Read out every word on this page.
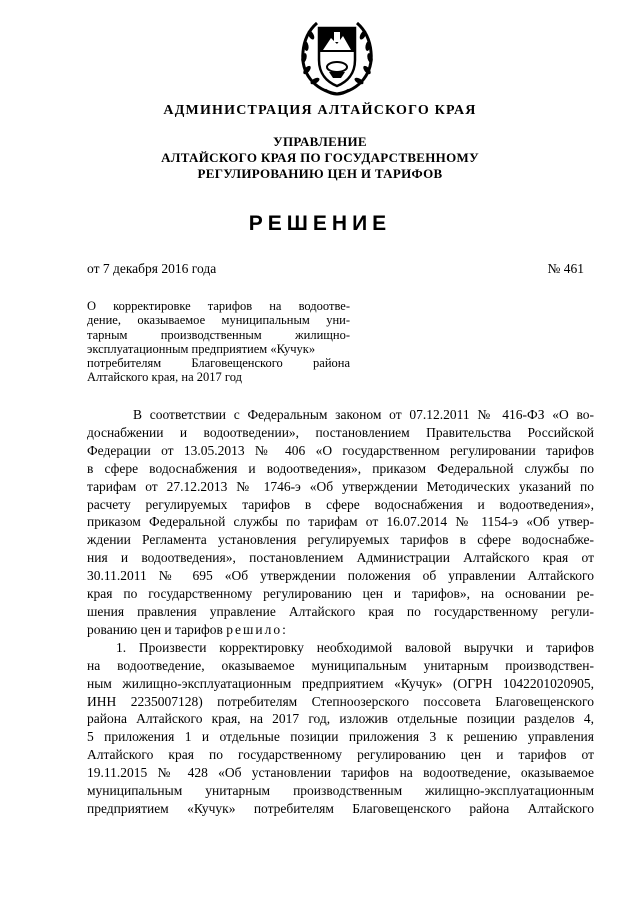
АДМИНИСТРАЦИЯ АЛТАЙСКОГО КРАЯ
УПРАВЛЕНИЕ
АЛТАЙСКОГО КРАЯ ПО ГОСУДАРСТВЕННОМУ
РЕГУЛИРОВАНИЮ ЦЕН И ТАРИФОВ
РЕШЕНИЕ
от 7 декабря 2016 года	№ 461
О корректировке тарифов на водоотве-
дение, оказываемое муниципальным уни-
тарным производственным жилищно-
эксплуатационным предприятием «Кучук»
потребителям Благовещенского района
Алтайского края, на 2017 год
В соответствии с Федеральным законом от 07.12.2011 № 416-ФЗ «О во-
доснабжении и водоотведении», постановлением Правительства Российской
Федерации от 13.05.2013 № 406 «О государственном регулировании тарифов
в сфере водоснабжения и водоотведения», приказом Федеральной службы по
тарифам от 27.12.2013 № 1746-э «Об утверждении Методических указаний по
расчету регулируемых тарифов в сфере водоснабжения и водоотведения»,
приказом Федеральной службы по тарифам от 16.07.2014 № 1154-э «Об утвер-
ждении Регламента установления регулируемых тарифов в сфере водоснабже-
ния и водоотведения», постановлением Администрации Алтайского края от
30.11.2011 № 695 «Об утверждении положения об управлении Алтайского
края по государственному регулированию цен и тарифов», на основании ре-
шения правления управление Алтайского края по государственному регули-
рованию цен и тарифов решило:
1. Произвести корректировку необходимой валовой выручки и тарифов
на водоотведение, оказываемое муниципальным унитарным производствен-
ным жилищно-эксплуатационным предприятием «Кучук» (ОГРН 1042201020905,
ИНН 2235007128) потребителям Степноозерского поссовета Благовещенского
района Алтайского края, на 2017 год, изложив отдельные позиции разделов 4,
5 приложения 1 и отдельные позиции приложения 3 к решению управления
Алтайского края по государственному регулированию цен и тарифов от
19.11.2015 № 428 «Об установлении тарифов на водоотведение, оказываемое
муниципальным унитарным производственным жилищно-эксплуатационным
предприятием «Кучук» потребителям Благовещенского района Алтайского
